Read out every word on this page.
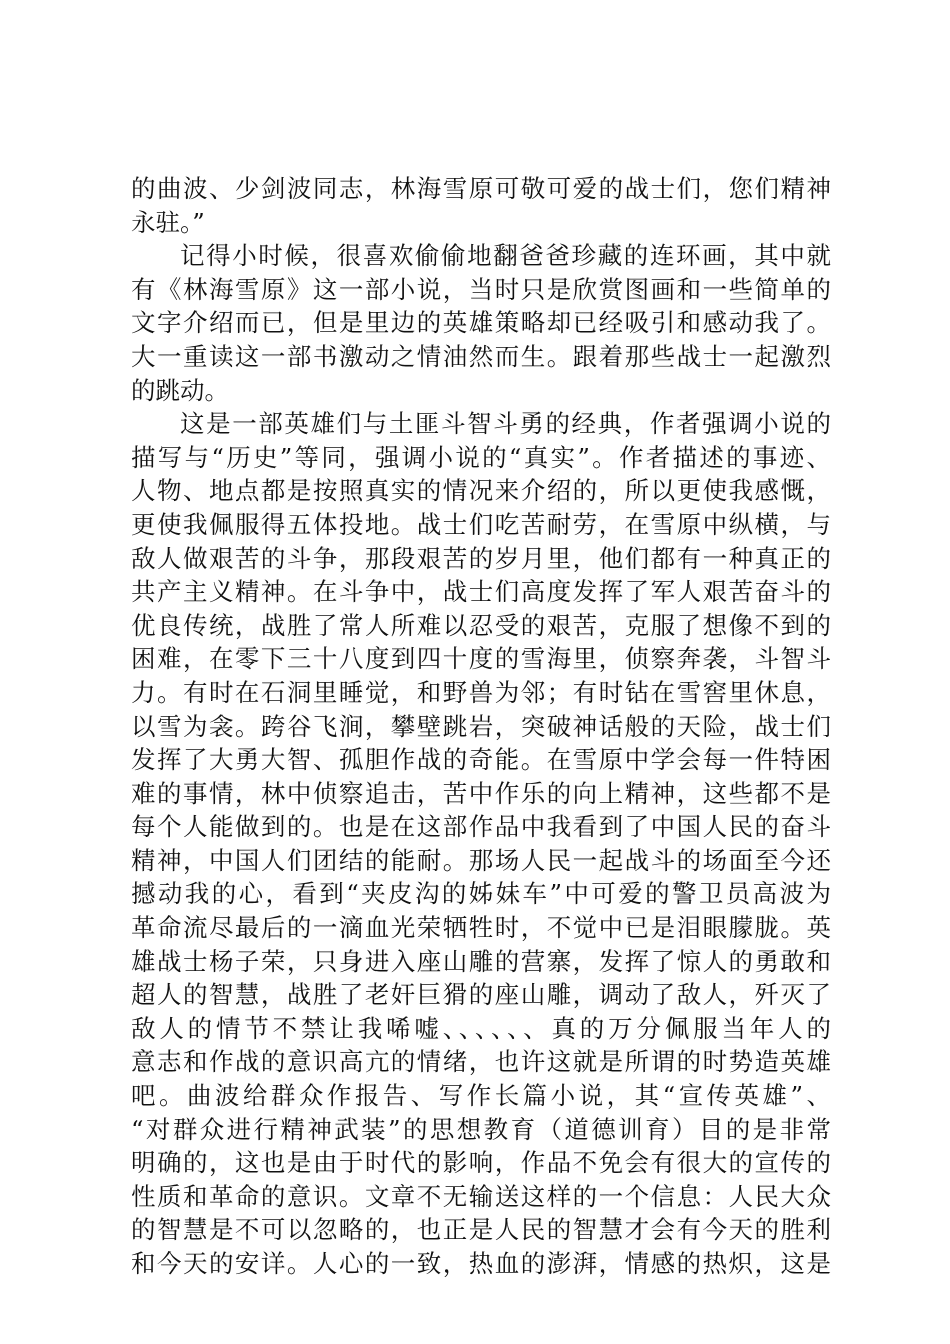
的曲波、少剑波同志，林海雪原可敬可爱的战士们，您们精神
永驻。”
记得小时候，很喜欢偷偷地翻爸爸珍藏的连环画，其中就
有《林海雪原》这一部小说，当时只是欣赏图画和一些简单的
文字介绍而已，但是里边的英雄策略却已经吸引和感动我了。
大一重读这一部书激动之情油然而生。跟着那些战士一起激烈
的跳动。
这是一部英雄们与土匪斗智斗勇的经典，作者强调小说的
描写与“历史”等同，强调小说的“真实”。作者描述的事迹、
人物、地点都是按照真实的情况来介绍的，所以更使我感慨，
更使我佩服得五体投地。战士们吃苦耐劳，在雪原中纵横，与
敌人做艰苦的斗争，那段艰苦的岁月里，他们都有一种真正的
共产主义精神。在斗争中，战士们高度发挥了军人艰苦奋斗的
优良传统，战胜了常人所难以忍受的艰苦，克服了想像不到的
困难，在零下三十八度到四十度的雪海里，侦察奔袭，斗智斗
力。有时在石洞里睡觉，和野兽为邻；有时钻在雪窖里休息，
以雪为衾。跨谷飞涧，攀壁跳岩，突破神话般的天险，战士们
发挥了大勇大智、孤胆作战的奇能。在雪原中学会每一件特困
难的事情，林中侦察追击，苦中作乐的向上精神，这些都不是
每个人能做到的。也是在这部作品中我看到了中国人民的奋斗
精神，中国人们团结的能耐。那场人民一起战斗的场面至今还
撼动我的心，看到“夹皮沟的姊妹车”中可爱的警卫员高波为
革命流尽最后的一滴血光荣牺牲时，不觉中已是泪眼朦胧。英
雄战士杨子荣，只身进入座山雕的营寨，发挥了惊人的勇敢和
超人的智慧，战胜了老奸巨猾的座山雕，调动了敌人，歼灭了
敌人的情节不禁让我唏嘘、、、、、、真的万分佩服当年人的
意志和作战的意识高亢的情绪，也许这就是所谓的时势造英雄
吧。曲波给群众作报告、写作长篇小说，其“宣传英雄”、
“对群众进行精神武装”的思想教育（道德训育）目的是非常
明确的，这也是由于时代的影响，作品不免会有很大的宣传的
性质和革命的意识。文章不无输送这样的一个信息：人民大众
的智慧是不可以忽略的，也正是人民的智慧才会有今天的胜利
和今天的安详。人心的一致，热血的澎湃，情感的热炽，这是
